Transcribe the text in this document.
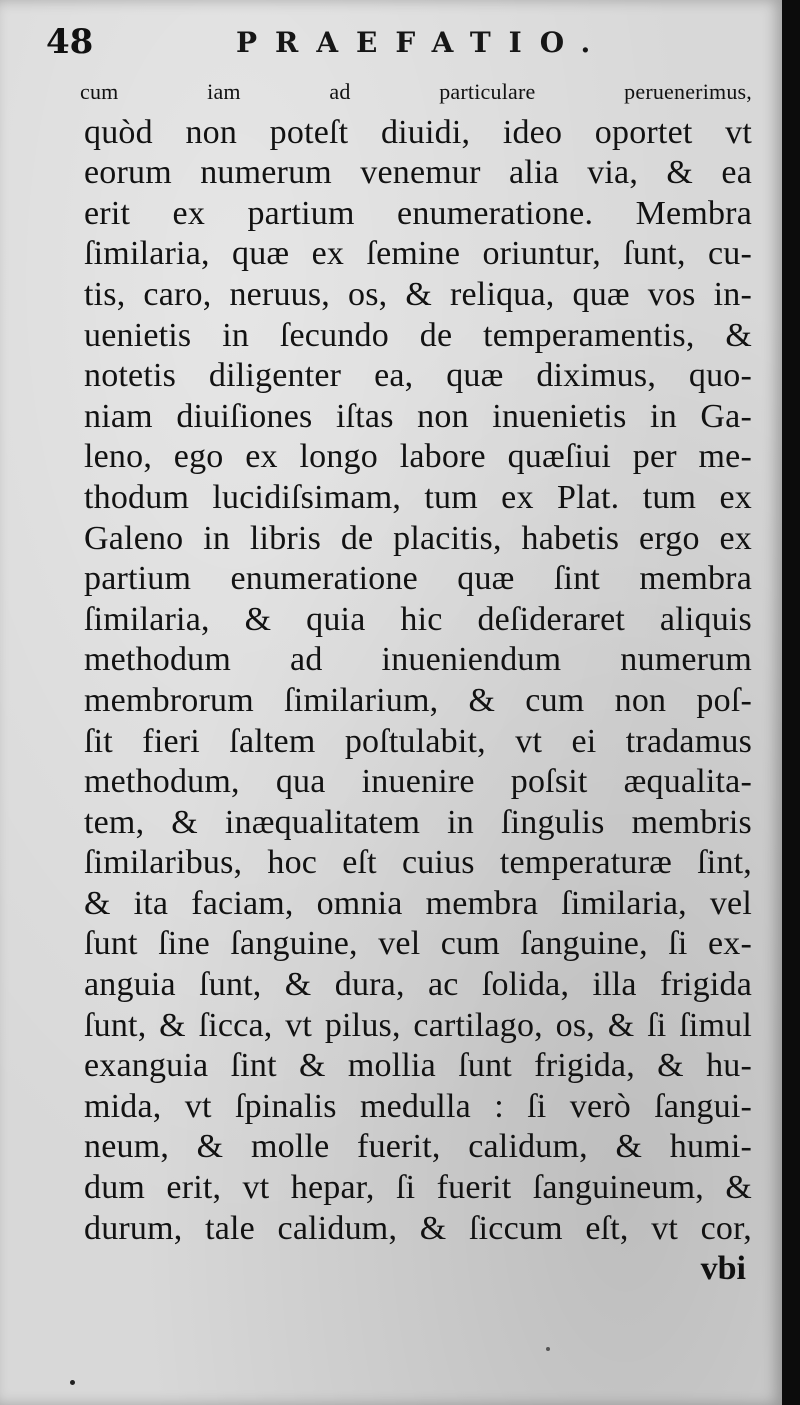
48	PRAEFATIO.
cum iam ad particulare peruenerimus,
quòd non poteſt diuidi, ideo oportet vt
eorum numerum venemur alia via, & ea
erit ex partium enumeratione. Membra
ſimilaria, quæ ex ſemine oriuntur, ſunt, cu-
tis, caro, neruus, os, & reliqua, quæ vos in-
uenietis in ſecundo de temperamentis, &
notetis diligenter ea, quæ diximus, quo-
niam diuiſiones iſtas non inuenietis in Ga-
leno, ego ex longo labore quæſiui per me-
thodum lucidiſsimam, tum ex Plat. tum ex
Galeno in libris de placitis, habetis ergo ex
partium enumeratione quæ ſint membra
ſimilaria, & quia hic deſideraret aliquis
methodum ad inueniendum numerum
membrorum ſimilarium, & cum non poſ-
ſit fieri ſaltem poſtulabit, vt ei tradamus
methodum, qua inuenire poſsit æqualita-
tem, & inæqualitatem in ſingulis membris
ſimilaribus, hoc eſt cuius temperaturæ ſint,
& ita faciam, omnia membra ſimilaria, vel
ſunt ſine ſanguine, vel cum ſanguine, ſi ex-
anguia ſunt, & dura, ac ſolida, illa frigida
ſunt, & ſicca, vt pilus, cartilago, os, & ſi ſimul
exanguia ſint & mollia ſunt frigida, & hu-
mida, vt ſpinalis medulla : ſi verò ſangui-
neum, & molle fuerit, calidum, & humi-
dum erit, vt hepar, ſi fuerit ſanguineum, &
durum, tale calidum, & ſiccum eſt, vt cor,
vbi
